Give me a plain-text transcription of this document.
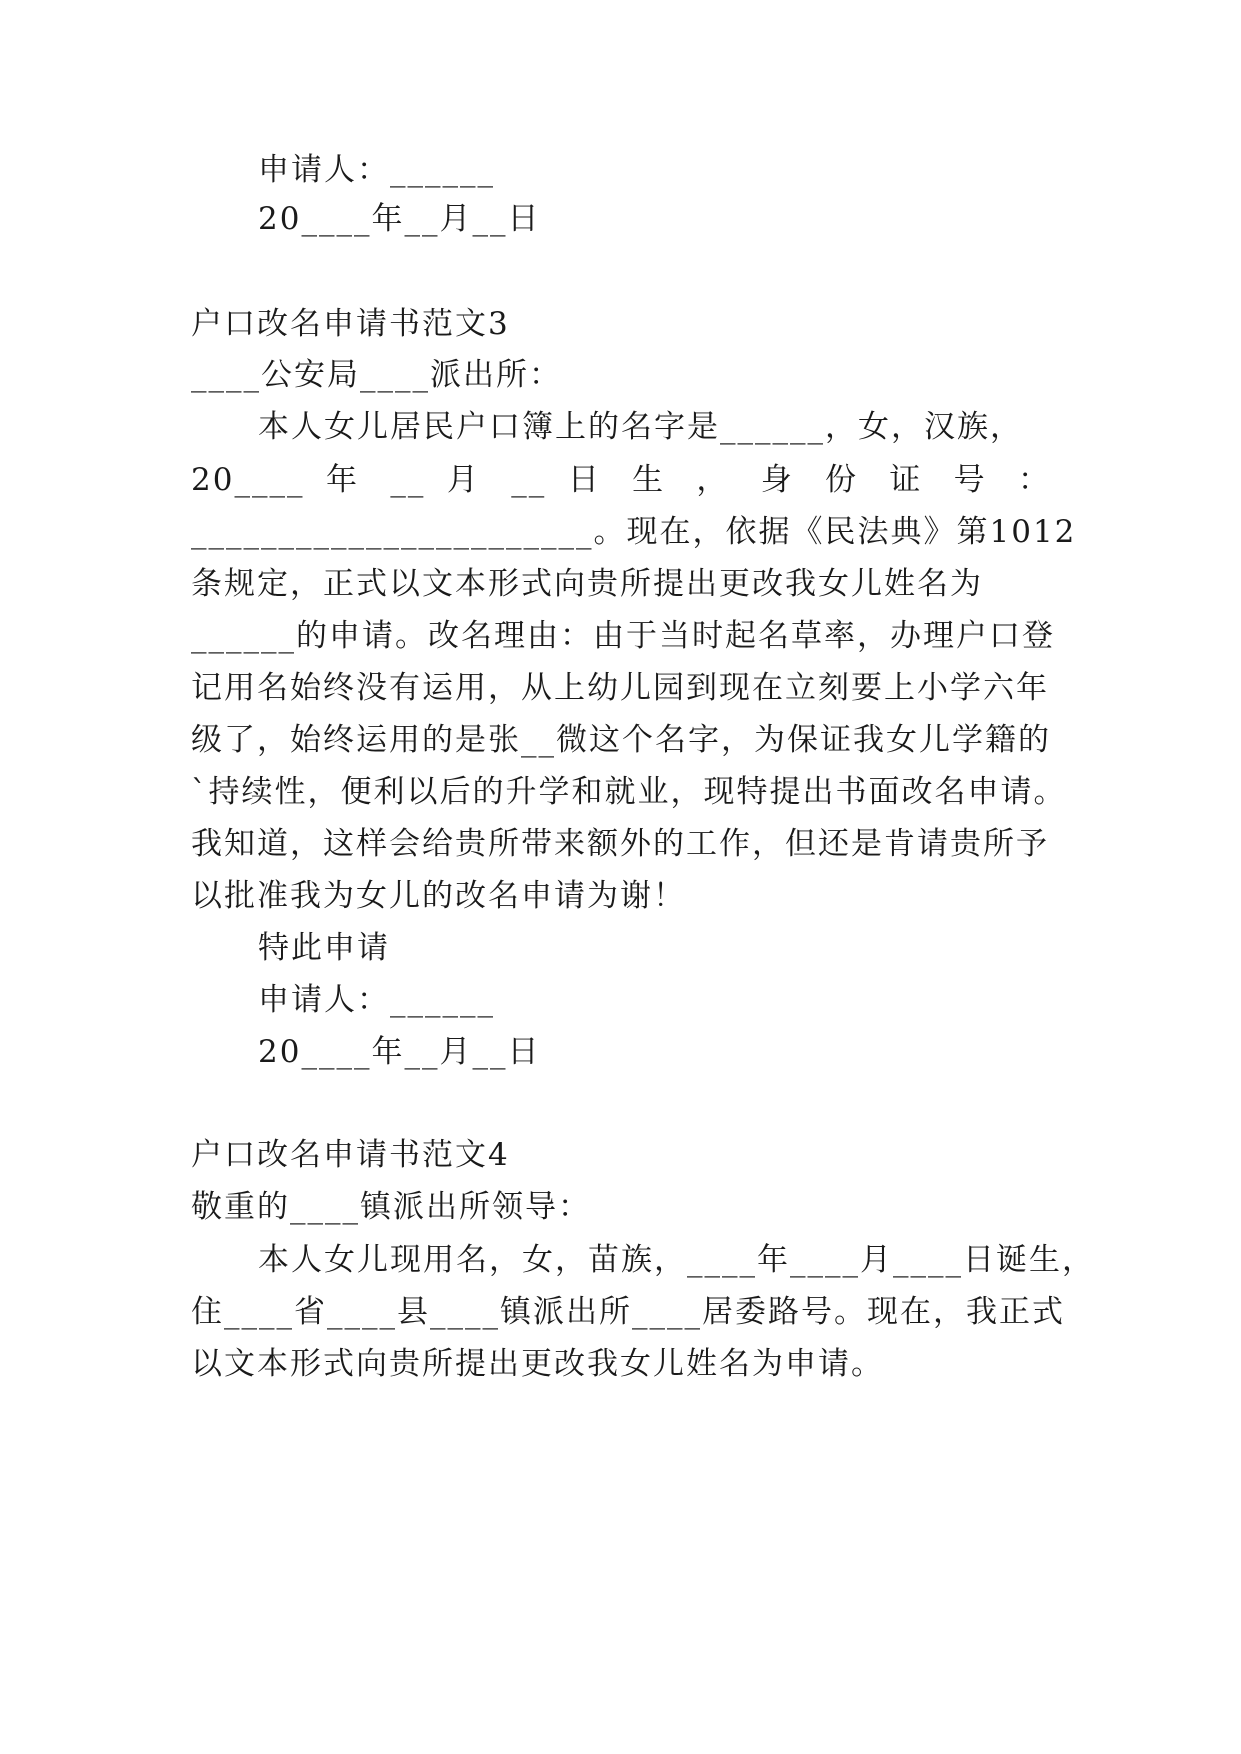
申请人：______
20____年__月__日
户口改名申请书范文3
____公安局____派出所：
本人女儿居民户口簿上的名字是______，女，汉族，
20____ 年 __ 月 __ 日 生 ， 身 份 证 号 ：
_______________________。现在，依据《民法典》第1012
条规定，正式以文本形式向贵所提出更改我女儿姓名为
______的申请。改名理由：由于当时起名草率，办理户口登
记用名始终没有运用，从上幼儿园到现在立刻要上小学六年
级了，始终运用的是张__微这个名字，为保证我女儿学籍的
`持续性，便利以后的升学和就业，现特提出书面改名申请。
我知道，这样会给贵所带来额外的工作，但还是肯请贵所予
以批准我为女儿的改名申请为谢！
特此申请
申请人：______
20____年__月__日
户口改名申请书范文4
敬重的____镇派出所领导：
本人女儿现用名，女，苗族，____年____月____日诞生，
住____省____县____镇派出所____居委路号。现在，我正式
以文本形式向贵所提出更改我女儿姓名为申请。
